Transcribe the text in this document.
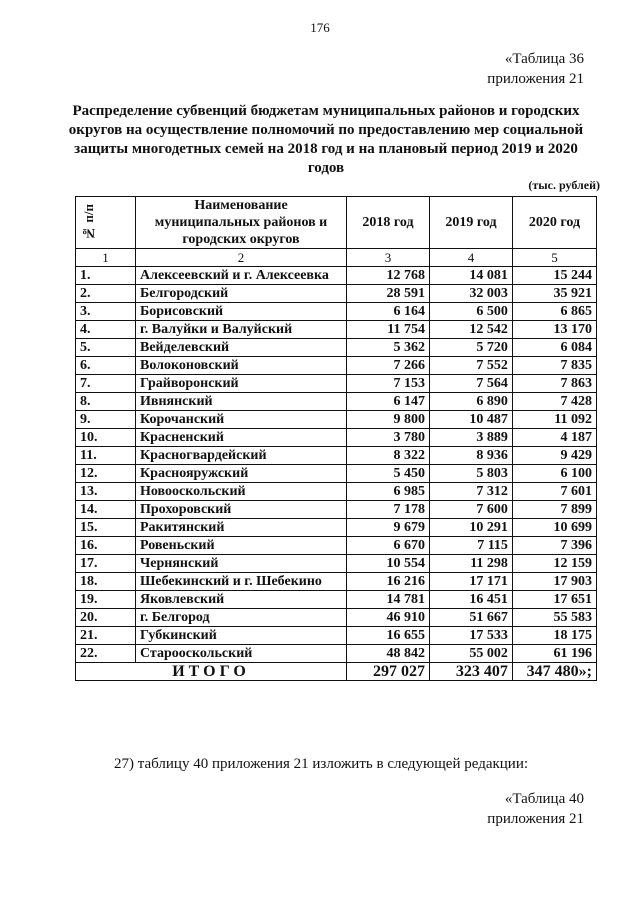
176
«Таблица 36
приложения 21
Распределение субвенций бюджетам муниципальных районов и городских округов на осуществление полномочий по предоставлению мер социальной защиты многодетных семей на 2018 год и на плановый период 2019 и 2020 годов
(тыс. рублей)
№ п/п	Наименование муниципальных районов и городских округов	2018 год	2019 год	2020 год
1	2	3	4	5
1.	Алексеевский и г. Алексеевка	12 768	14 081	15 244
2.	Белгородский	28 591	32 003	35 921
3.	Борисовский	6 164	6 500	6 865
4.	г. Валуйки и Валуйский	11 754	12 542	13 170
5.	Вейделевский	5 362	5 720	6 084
6.	Волоконовский	7 266	7 552	7 835
7.	Грайворонский	7 153	7 564	7 863
8.	Ивнянский	6 147	6 890	7 428
9.	Корочанский	9 800	10 487	11 092
10.	Красненский	3 780	3 889	4 187
11.	Красногвардейский	8 322	8 936	9 429
12.	Краснояружский	5 450	5 803	6 100
13.	Новооскольский	6 985	7 312	7 601
14.	Прохоровский	7 178	7 600	7 899
15.	Ракитянский	9 679	10 291	10 699
16.	Ровеньский	6 670	7 115	7 396
17.	Чернянский	10 554	11 298	12 159
18.	Шебекинский и г. Шебекино	16 216	17 171	17 903
19.	Яковлевский	14 781	16 451	17 651
20.	г. Белгород	46 910	51 667	55 583
21.	Губкинский	16 655	17 533	18 175
22.	Старооскольский	48 842	55 002	61 196
ИТОГО		297 027	323 407	347 480»;
27) таблицу 40 приложения 21 изложить в следующей редакции:
«Таблица 40
приложения 21
